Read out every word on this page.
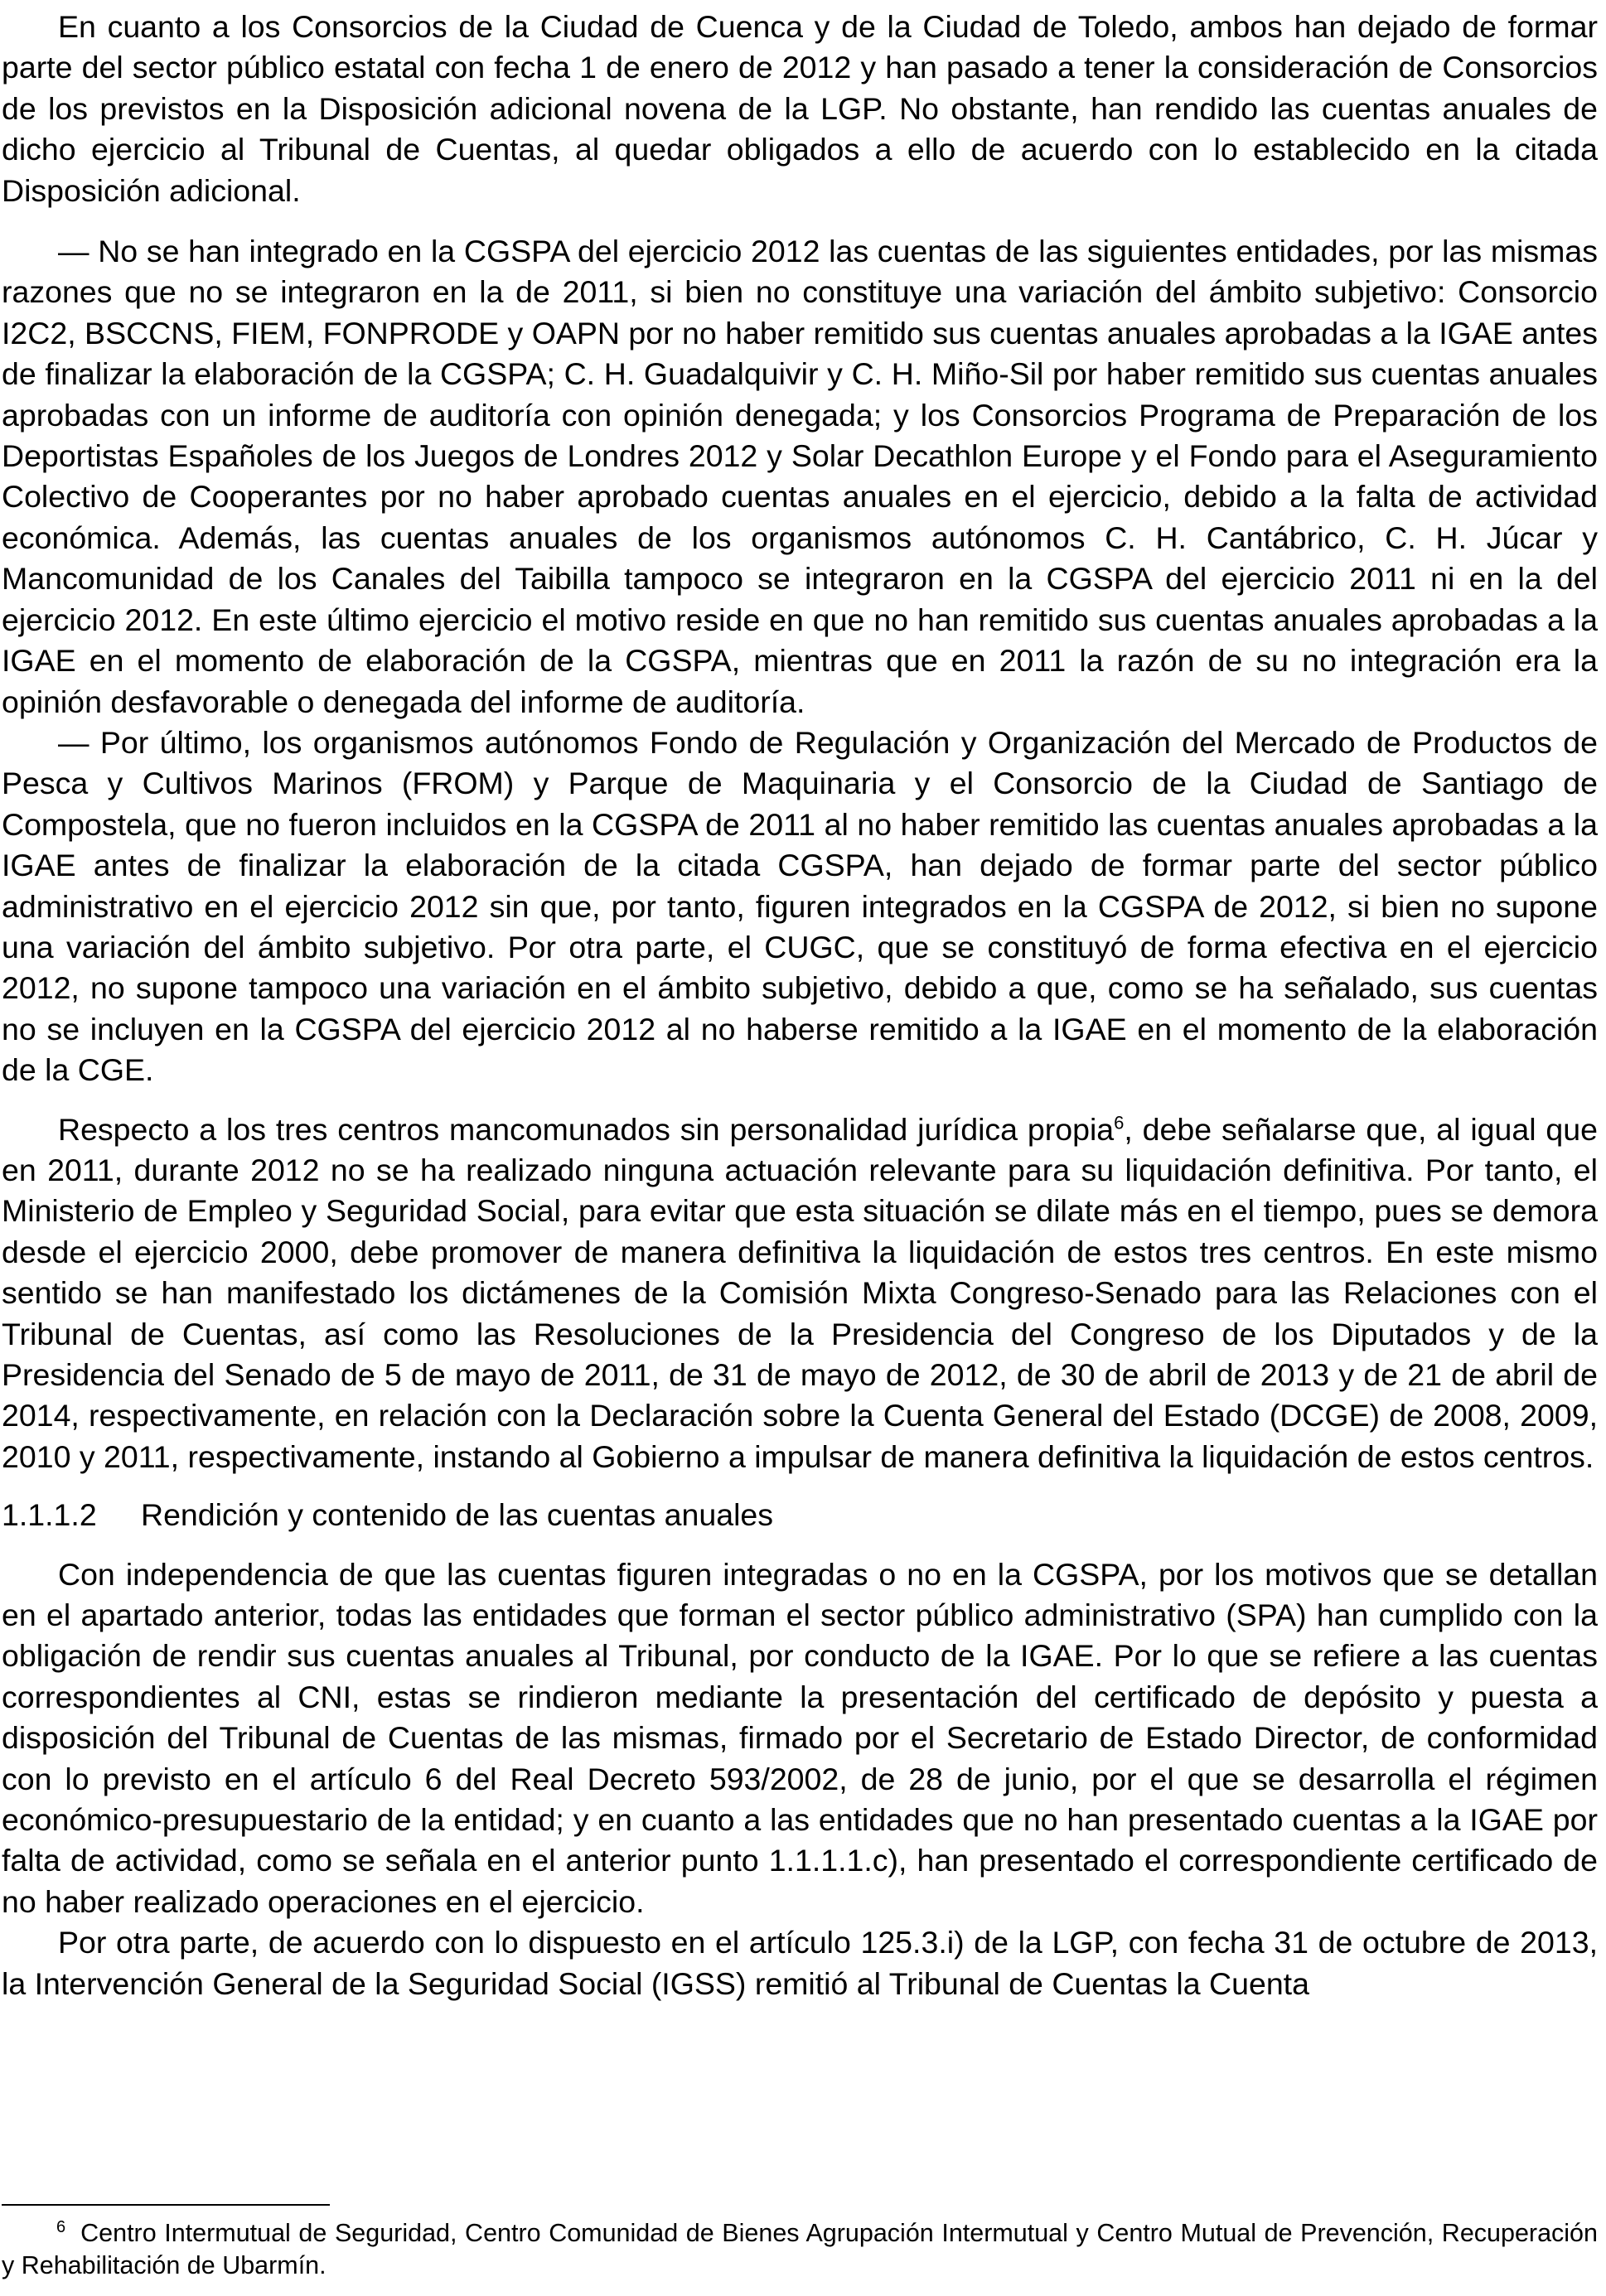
En cuanto a los Consorcios de la Ciudad de Cuenca y de la Ciudad de Toledo, ambos han dejado de formar parte del sector público estatal con fecha 1 de enero de 2012 y han pasado a tener la consideración de Consorcios de los previstos en la Disposición adicional novena de la LGP. No obstante, han rendido las cuentas anuales de dicho ejercicio al Tribunal de Cuentas, al quedar obligados a ello de acuerdo con lo establecido en la citada Disposición adicional.

— No se han integrado en la CGSPA del ejercicio 2012 las cuentas de las siguientes entidades, por las mismas razones que no se integraron en la de 2011, si bien no constituye una variación del ámbito subjetivo: Consorcio I2C2, BSCCNS, FIEM, FONPRODE y OAPN por no haber remitido sus cuentas anuales aprobadas a la IGAE antes de finalizar la elaboración de la CGSPA; C. H. Guadalquivir y C. H. Miño-Sil por haber remitido sus cuentas anuales aprobadas con un informe de auditoría con opinión denegada; y los Consorcios Programa de Preparación de los Deportistas Españoles de los Juegos de Londres 2012 y Solar Decathlon Europe y el Fondo para el Aseguramiento Colectivo de Cooperantes por no haber aprobado cuentas anuales en el ejercicio, debido a la falta de actividad económica. Además, las cuentas anuales de los organismos autónomos C. H. Cantábrico, C. H. Júcar y Mancomunidad de los Canales del Taibilla tampoco se integraron en la CGSPA del ejercicio 2011 ni en la del ejercicio 2012. En este último ejercicio el motivo reside en que no han remitido sus cuentas anuales aprobadas a la IGAE en el momento de elaboración de la CGSPA, mientras que en 2011 la razón de su no integración era la opinión desfavorable o denegada del informe de auditoría.

— Por último, los organismos autónomos Fondo de Regulación y Organización del Mercado de Productos de Pesca y Cultivos Marinos (FROM) y Parque de Maquinaria y el Consorcio de la Ciudad de Santiago de Compostela, que no fueron incluidos en la CGSPA de 2011 al no haber remitido las cuentas anuales aprobadas a la IGAE antes de finalizar la elaboración de la citada CGSPA, han dejado de formar parte del sector público administrativo en el ejercicio 2012 sin que, por tanto, figuren integrados en la CGSPA de 2012, si bien no supone una variación del ámbito subjetivo. Por otra parte, el CUGC, que se constituyó de forma efectiva en el ejercicio 2012, no supone tampoco una variación en el ámbito subjetivo, debido a que, como se ha señalado, sus cuentas no se incluyen en la CGSPA del ejercicio 2012 al no haberse remitido a la IGAE en el momento de la elaboración de la CGE.

Respecto a los tres centros mancomunados sin personalidad jurídica propia$^6$, debe señalarse que, al igual que en 2011, durante 2012 no se ha realizado ninguna actuación relevante para su liquidación definitiva. Por tanto, el Ministerio de Empleo y Seguridad Social, para evitar que esta situación se dilate más en el tiempo, pues se demora desde el ejercicio 2000, debe promover de manera definitiva la liquidación de estos tres centros. En este mismo sentido se han manifestado los dictámenes de la Comisión Mixta Congreso-Senado para las Relaciones con el Tribunal de Cuentas, así como las Resoluciones de la Presidencia del Congreso de los Diputados y de la Presidencia del Senado de 5 de mayo de 2011, de 31 de mayo de 2012, de 30 de abril de 2013 y de 21 de abril de 2014, respectivamente, en relación con la Declaración sobre la Cuenta General del Estado (DCGE) de 2008, 2009, 2010 y 2011, respectivamente, instando al Gobierno a impulsar de manera definitiva la liquidación de estos centros.

1.1.1.2 Rendición y contenido de las cuentas anuales

Con independencia de que las cuentas figuren integradas o no en la CGSPA, por los motivos que se detallan en el apartado anterior, todas las entidades que forman el sector público administrativo (SPA) han cumplido con la obligación de rendir sus cuentas anuales al Tribunal, por conducto de la IGAE. Por lo que se refiere a las cuentas correspondientes al CNI, estas se rindieron mediante la presentación del certificado de depósito y puesta a disposición del Tribunal de Cuentas de las mismas, firmado por el Secretario de Estado Director, de conformidad con lo previsto en el artículo 6 del Real Decreto 593/2002, de 28 de junio, por el que se desarrolla el régimen económico-presupuestario de la entidad; y en cuanto a las entidades que no han presentado cuentas a la IGAE por falta de actividad, como se señala en el anterior punto 1.1.1.1.c), han presentado el correspondiente certificado de no haber realizado operaciones en el ejercicio.

Por otra parte, de acuerdo con lo dispuesto en el artículo 125.3.i) de la LGP, con fecha 31 de octubre de 2013, la Intervención General de la Seguridad Social (IGSS) remitió al Tribunal de Cuentas la Cuenta

$^6$ Centro Intermutual de Seguridad, Centro Comunidad de Bienes Agrupación Intermutual y Centro Mutual de Prevención, Recuperación y Rehabilitación de Ubarmín.
